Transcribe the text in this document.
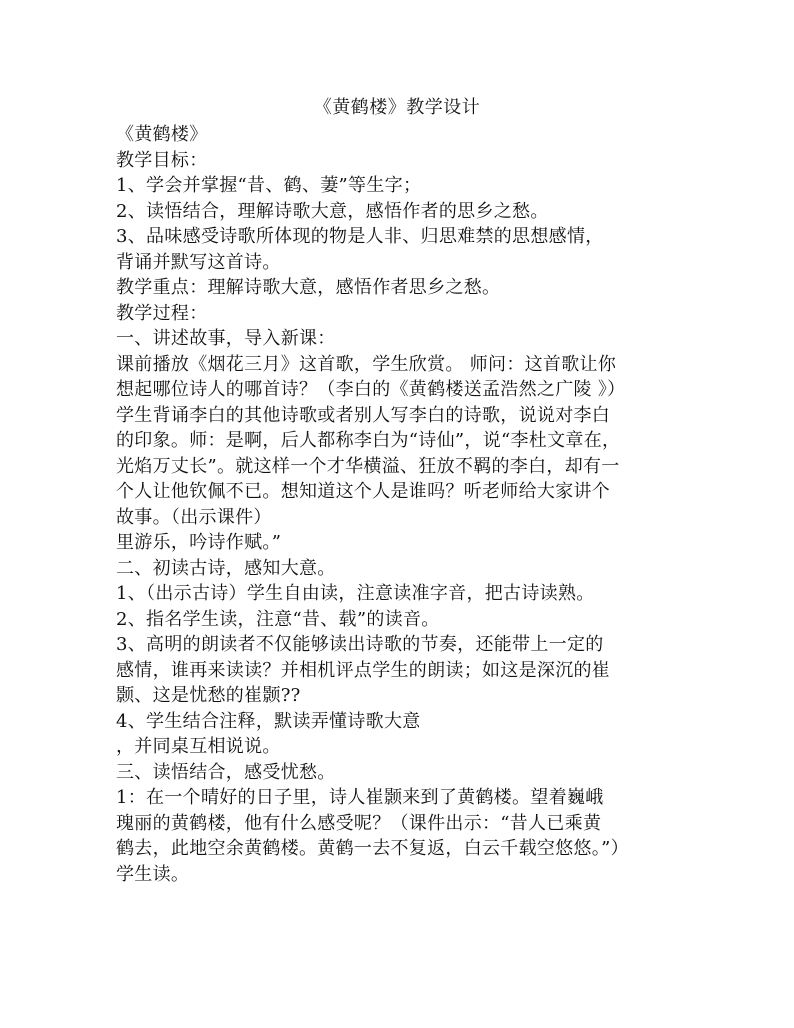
《黄鹤楼》教学设计
《黄鹤楼》
教学目标：
1、学会并掌握“昔、鹤、萋”等生字；
2、读悟结合，理解诗歌大意，感悟作者的思乡之愁。
3、品味感受诗歌所体现的物是人非、归思难禁的思想感情，
背诵并默写这首诗。
教学重点：理解诗歌大意，感悟作者思乡之愁。
教学过程：
一、讲述故事，导入新课：
课前播放《烟花三月》这首歌，学生欣赏。 师问：这首歌让你
想起哪位诗人的哪首诗？（李白的《黄鹤楼送孟浩然之广陵 》）
学生背诵李白的其他诗歌或者别人写李白的诗歌，说说对李白
的印象。师：是啊，后人都称李白为“诗仙”，说“李杜文章在，
光焰万丈长”。就这样一个才华横溢、狂放不羁的李白，却有一
个人让他钦佩不已。想知道这个人是谁吗？听老师给大家讲个
故事。（出示课件）
里游乐，吟诗作赋。”
二、初读古诗，感知大意。
1、（出示古诗）学生自由读，注意读准字音，把古诗读熟。
2、指名学生读，注意“昔、载”的读音。
3、高明的朗读者不仅能够读出诗歌的节奏，还能带上一定的
感情，谁再来读读？并相机评点学生的朗读；如这是深沉的崔
颢、这是忧愁的崔颢??
4、学生结合注释，默读弄懂诗歌大意
，并同桌互相说说。
三、读悟结合，感受忧愁。
1：在一个晴好的日子里，诗人崔颢来到了黄鹤楼。望着巍峨
瑰丽的黄鹤楼，他有什么感受呢？（课件出示：“昔人已乘黄
鹤去，此地空余黄鹤楼。黄鹤一去不复返，白云千载空悠悠。”）
学生读。
